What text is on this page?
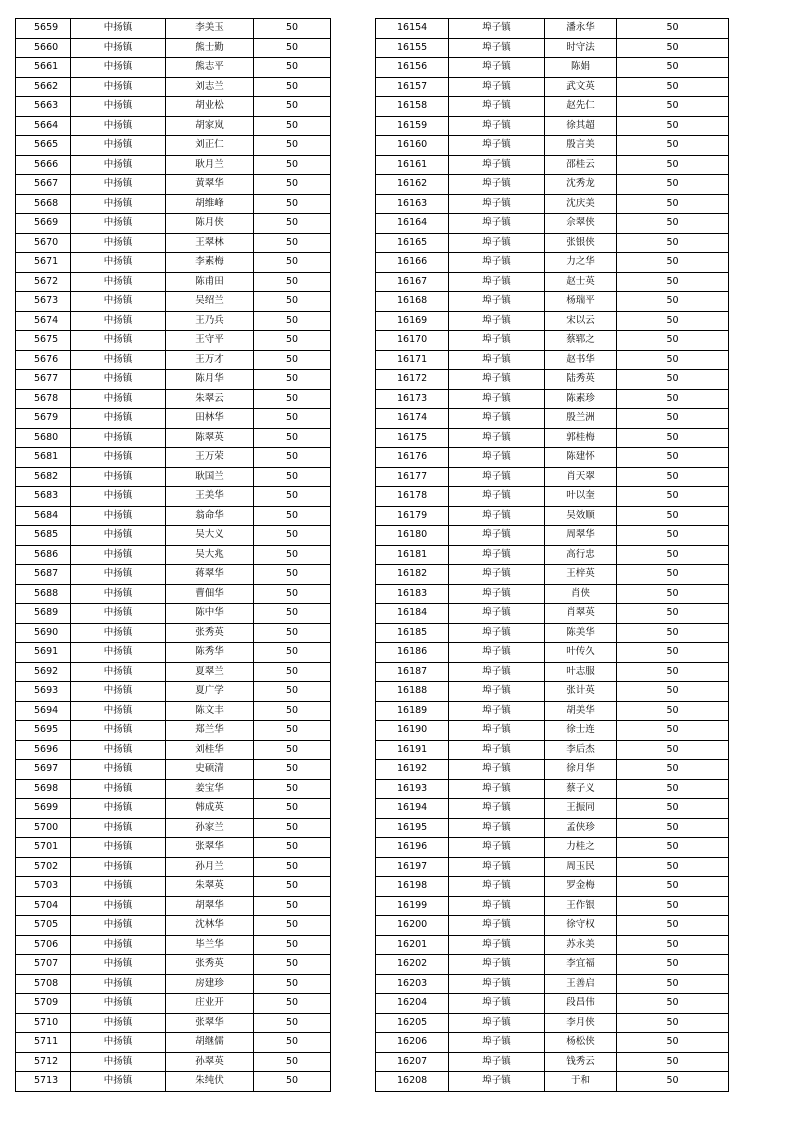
5659	中扬镇	李美玉	50
5660	中扬镇	熊士勤	50
5661	中扬镇	熊志平	50
5662	中扬镇	刘志兰	50
5663	中扬镇	胡业松	50
5664	中扬镇	胡家岚	50
5665	中扬镇	刘正仁	50
5666	中扬镇	耿月兰	50
5667	中扬镇	黄翠华	50
5668	中扬镇	胡维峰	50
5669	中扬镇	陈月侠	50
5670	中扬镇	王翠林	50
5671	中扬镇	李素梅	50
5672	中扬镇	陈甫田	50
5673	中扬镇	吴绍兰	50
5674	中扬镇	王乃兵	50
5675	中扬镇	王守平	50
5676	中扬镇	王万才	50
5677	中扬镇	陈月华	50
5678	中扬镇	朱翠云	50
5679	中扬镇	田林华	50
5680	中扬镇	陈翠英	50
5681	中扬镇	王万荣	50
5682	中扬镇	耿国兰	50
5683	中扬镇	王美华	50
5684	中扬镇	翁命华	50
5685	中扬镇	吴大义	50
5686	中扬镇	吴大兆	50
5687	中扬镇	蒋翠华	50
5688	中扬镇	曹佃华	50
5689	中扬镇	陈中华	50
5690	中扬镇	张秀英	50
5691	中扬镇	陈秀华	50
5692	中扬镇	夏翠兰	50
5693	中扬镇	夏广学	50
5694	中扬镇	陈文丰	50
5695	中扬镇	郑兰华	50
5696	中扬镇	刘桂华	50
5697	中扬镇	史硕清	50
5698	中扬镇	姜宝华	50
5699	中扬镇	韩成英	50
5700	中扬镇	孙家兰	50
5701	中扬镇	张翠华	50
5702	中扬镇	孙月兰	50
5703	中扬镇	朱翠英	50
5704	中扬镇	胡翠华	50
5705	中扬镇	沈林华	50
5706	中扬镇	毕兰华	50
5707	中扬镇	张秀英	50
5708	中扬镇	房建珍	50
5709	中扬镇	庄业开	50
5710	中扬镇	张翠华	50
5711	中扬镇	胡继儒	50
5712	中扬镇	孙翠英	50
5713	中扬镇	朱纯伏	50
16154	埠子镇	潘永华	50
16155	埠子镇	时守法	50
16156	埠子镇	陈娟	50
16157	埠子镇	武文英	50
16158	埠子镇	赵先仁	50
16159	埠子镇	徐其超	50
16160	埠子镇	殷言美	50
16161	埠子镇	邵桂云	50
16162	埠子镇	沈秀龙	50
16163	埠子镇	沈庆美	50
16164	埠子镇	佘翠侠	50
16165	埠子镇	张银侠	50
16166	埠子镇	力之华	50
16167	埠子镇	赵士英	50
16168	埠子镇	杨瑞平	50
16169	埠子镇	宋以云	50
16170	埠子镇	蔡郓之	50
16171	埠子镇	赵书华	50
16172	埠子镇	陆秀英	50
16173	埠子镇	陈素珍	50
16174	埠子镇	殷兰洲	50
16175	埠子镇	郭桂梅	50
16176	埠子镇	陈建怀	50
16177	埠子镇	肖天翠	50
16178	埠子镇	叶以奎	50
16179	埠子镇	吴效顺	50
16180	埠子镇	周翠华	50
16181	埠子镇	高行忠	50
16182	埠子镇	王梓英	50
16183	埠子镇	肖侠	50
16184	埠子镇	肖翠英	50
16185	埠子镇	陈美华	50
16186	埠子镇	叶传久	50
16187	埠子镇	叶志服	50
16188	埠子镇	张计英	50
16189	埠子镇	胡美华	50
16190	埠子镇	徐士连	50
16191	埠子镇	李后杰	50
16192	埠子镇	徐月华	50
16193	埠子镇	蔡子义	50
16194	埠子镇	王振同	50
16195	埠子镇	孟侠珍	50
16196	埠子镇	力桂之	50
16197	埠子镇	周玉民	50
16198	埠子镇	罗金梅	50
16199	埠子镇	王作银	50
16200	埠子镇	徐守权	50
16201	埠子镇	苏永美	50
16202	埠子镇	李宜福	50
16203	埠子镇	王善启	50
16204	埠子镇	段昌伟	50
16205	埠子镇	李月侠	50
16206	埠子镇	杨松侠	50
16207	埠子镇	钱秀云	50
16208	埠子镇	于和	50
